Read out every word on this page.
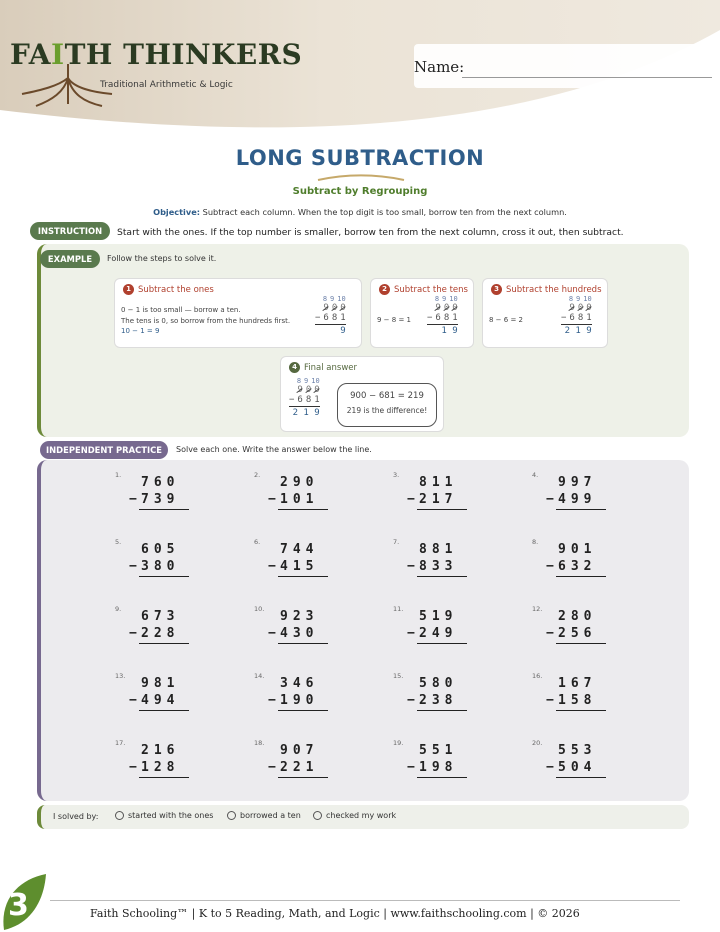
FAITH THINKERS
Traditional Arithmetic & Logic
Name:
LONG SUBTRACTION
Subtract by Regrouping
Objective: Subtract each column. When the top digit is too small, borrow ten from the next column.
INSTRUCTION	Start with the ones. If the top number is smaller, borrow ten from the next column, cross it out, then subtract.
EXAMPLE	Follow the steps to solve it.
1 Subtract the ones
0 − 1 is too small — borrow a ten.
The tens is 0, so borrow from the hundreds first.
10 − 1 = 9
8 9 10
9 0 0
− 6 8 1
9
2 Subtract the tens
9 − 8 = 1
8 9 10
9 0 0
− 6 8 1
1 9
3 Subtract the hundreds
8 − 6 = 2
8 9 10
9 0 0
− 6 8 1
2 1 9
4 Final answer
8 9 10
9 0 0
− 6 8 1
2 1 9
900 − 681 = 219
219 is the difference!
INDEPENDENT PRACTICE	Solve each one. Write the answer below the line.
1. 760
− 739
2. 290
− 101
3. 811
− 217
4. 997
− 499
5. 605
− 380
6. 744
− 415
7. 881
− 833
8. 901
− 632
9. 673
− 228
10. 923
− 430
11. 519
− 249
12. 280
− 256
13. 981
− 494
14. 346
− 190
15. 580
− 238
16. 167
− 158
17. 216
− 128
18. 907
− 221
19. 551
− 198
20. 553
− 504
I solved by:	started with the ones	borrowed a ten	checked my work
3	Faith Schooling™ | K to 5 Reading, Math, and Logic | www.faithschooling.com | © 2026
